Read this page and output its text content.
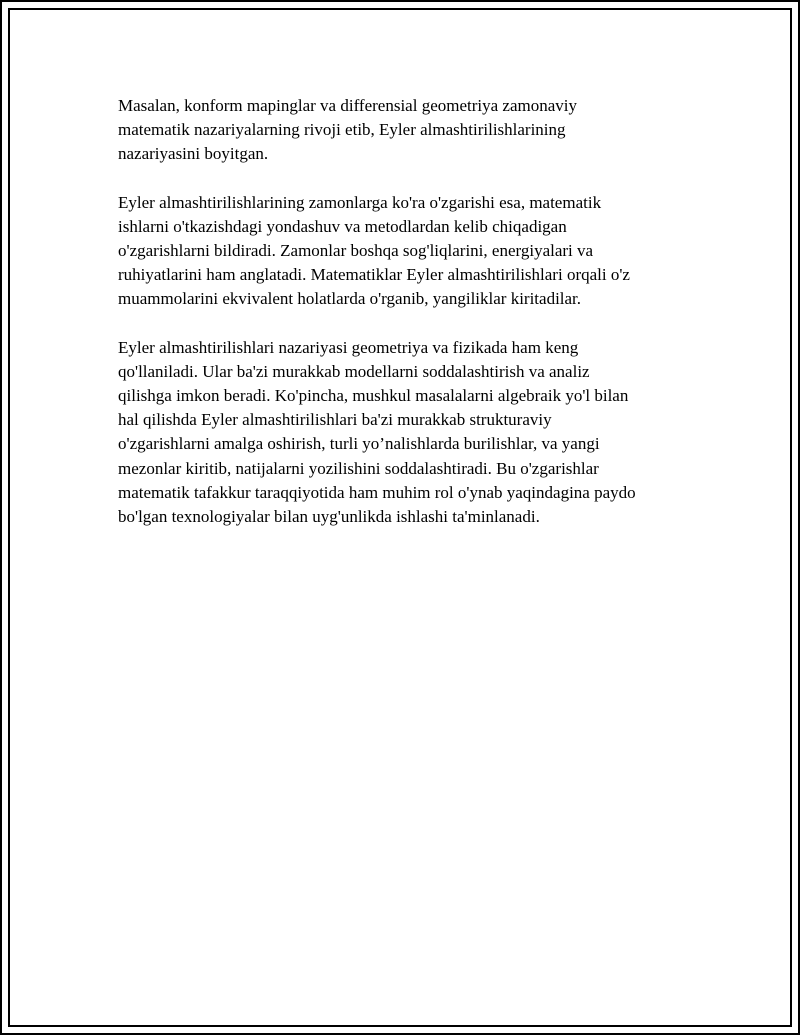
Masalan, konform mapinglar va differensial geometriya zamonaviy
matematik nazariyalarning rivoji etib, Eyler almashtirilishlarining
nazariyasini boyitgan.

Eyler almashtirilishlarining zamonlarga ko'ra o'zgarishi esa, matematik
ishlarni o'tkazishdagi yondashuv va metodlardan kelib chiqadigan
o'zgarishlarni bildiradi. Zamonlar boshqa sog'liqlarini, energiyalari va
ruhiyatlarini ham anglatadi. Matematiklar Eyler almashtirilishlari orqali o'z
muammolarini ekvivalent holatlarda o'rganib, yangiliklar kiritadilar.

Eyler almashtirilishlari nazariyasi geometriya va fizikada ham keng
qo'llaniladi. Ular ba'zi murakkab modellarni soddalashtirish va analiz
qilishga imkon beradi. Ko'pincha, mushkul masalalarni algebraik yo'l bilan
hal qilishda Eyler almashtirilishlari ba'zi murakkab strukturaviy
o'zgarishlarni amalga oshirish, turli yo’nalishlarda burilishlar, va yangi
mezonlar kiritib, natijalarni yozilishini soddalashtiradi. Bu o'zgarishlar
matematik tafakkur taraqqiyotida ham muhim rol o'ynab yaqindagina paydo
bo'lgan texnologiyalar bilan uyg'unlikda ishlashi ta'minlanadi.
